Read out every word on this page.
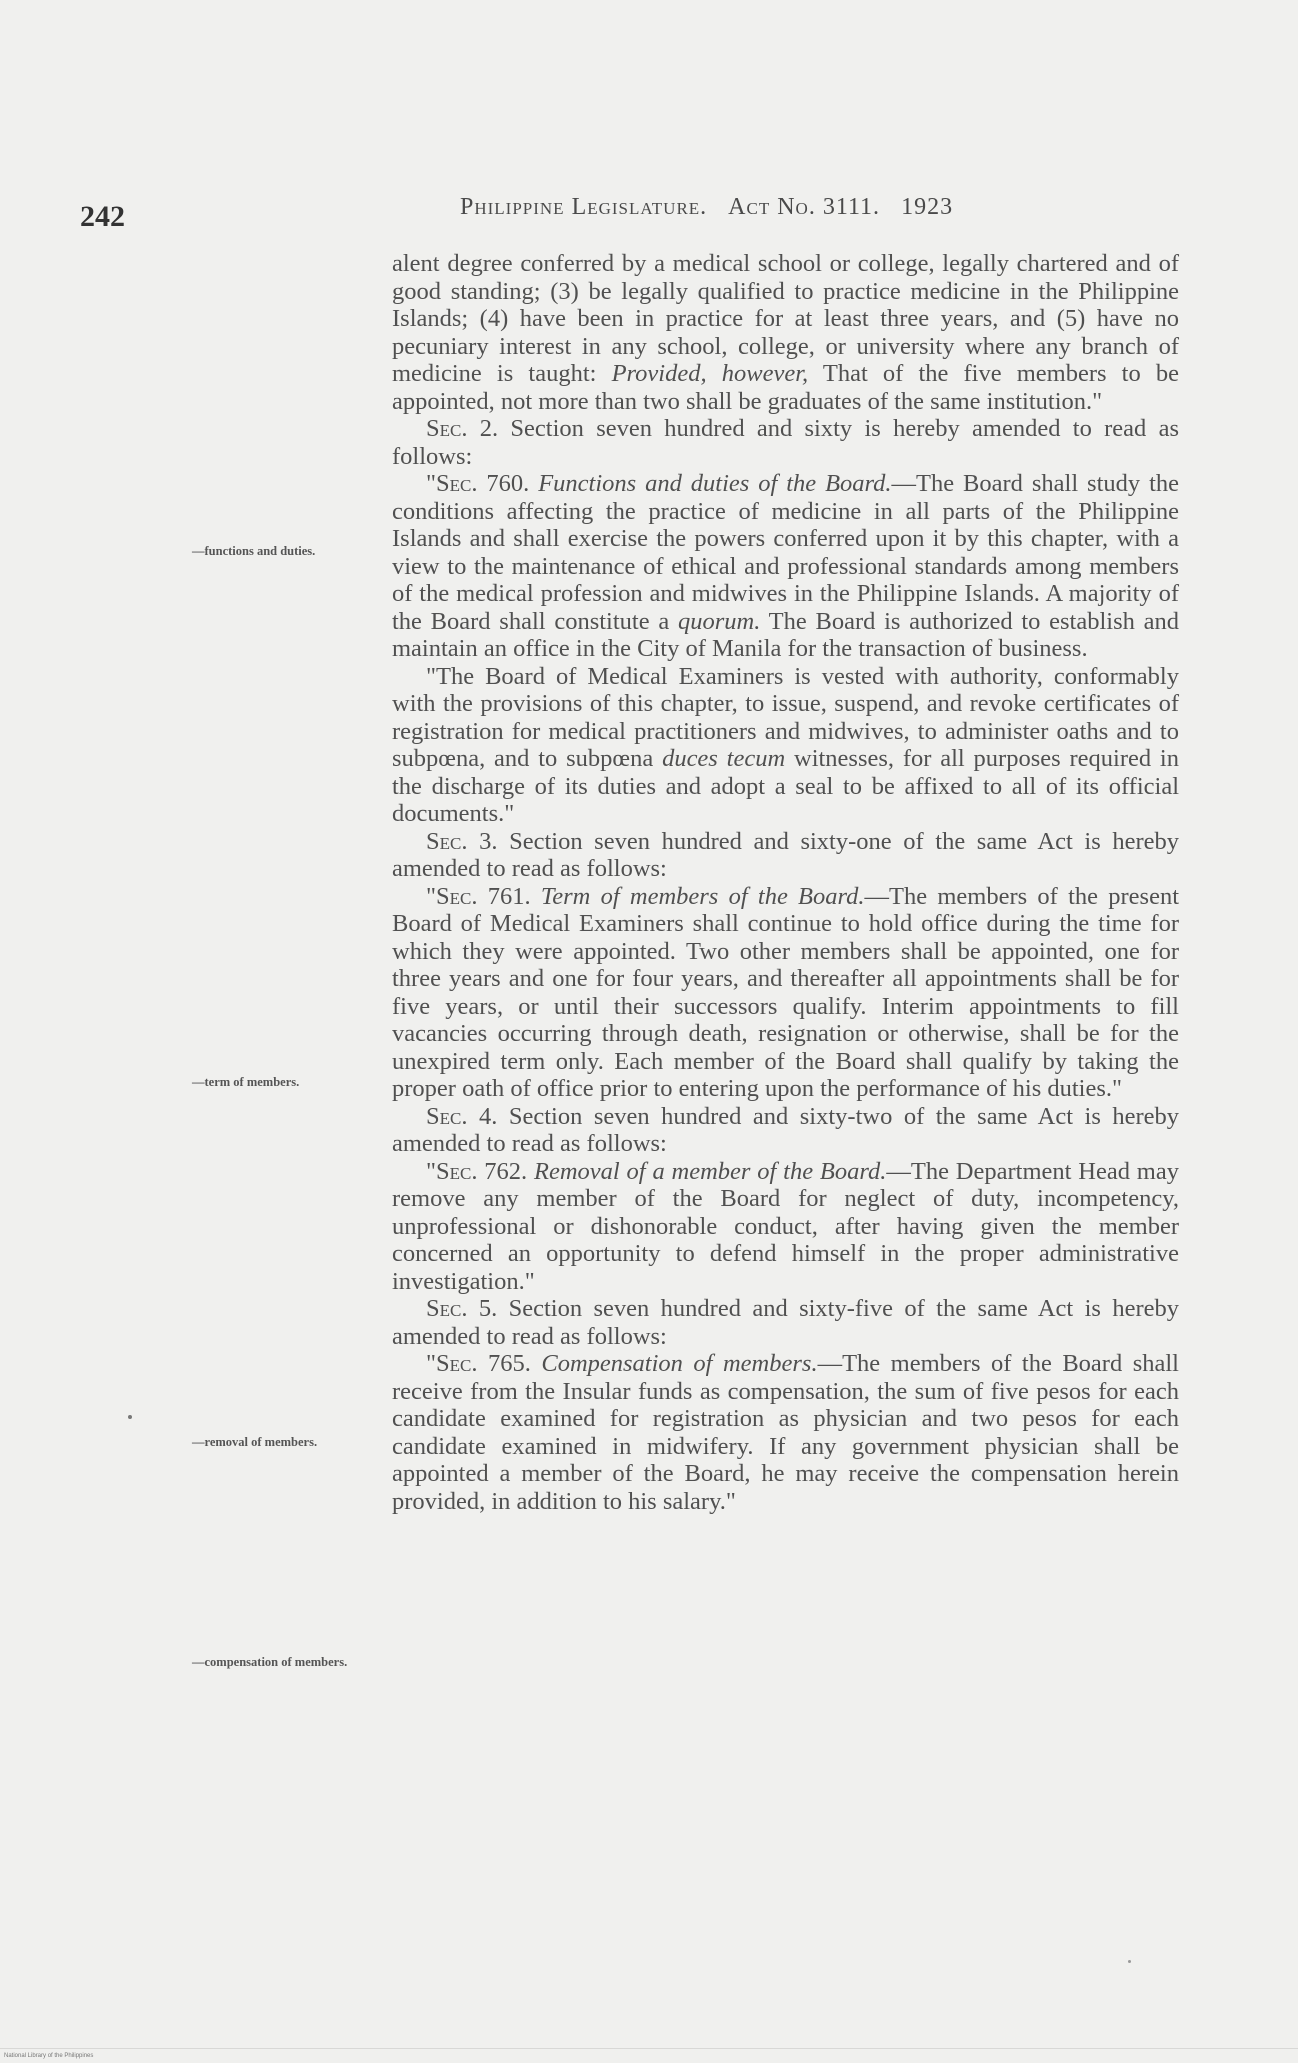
242	Philippine Legislature. Act No. 3111. 1923
—functions and duties.
—term of members.
—removal of members.
—compensation of members.

alent degree conferred by a medical school or college, legally chartered and of good standing; (3) be legally qualified to practice medicine in the Philippine Islands; (4) have been in practice for at least three years, and (5) have no pecuniary interest in any school, college, or university where any branch of medicine is taught: Provided, however, That of the five members to be appointed, not more than two shall be graduates of the same institution."

Sec. 2. Section seven hundred and sixty is hereby amended to read as follows:

"Sec. 760. Functions and duties of the Board.—The Board shall study the conditions affecting the practice of medicine in all parts of the Philippine Islands and shall exercise the powers conferred upon it by this chapter, with a view to the maintenance of ethical and professional standards among members of the medical profession and midwives in the Philippine Islands. A majority of the Board shall constitute a quorum. The Board is authorized to establish and maintain an office in the City of Manila for the transaction of business.

"The Board of Medical Examiners is vested with authority, conformably with the provisions of this chapter, to issue, suspend, and revoke certificates of registration for medical practitioners and midwives, to administer oaths and to subpœna, and to subpœna duces tecum witnesses, for all purposes required in the discharge of its duties and adopt a seal to be affixed to all of its official documents."

Sec. 3. Section seven hundred and sixty-one of the same Act is hereby amended to read as follows:

"Sec. 761. Term of members of the Board.—The members of the present Board of Medical Examiners shall continue to hold office during the time for which they were appointed. Two other members shall be appointed, one for three years and one for four years, and thereafter all appointments shall be for five years, or until their successors qualify. Interim appointments to fill vacancies occurring through death, resignation or otherwise, shall be for the unexpired term only. Each member of the Board shall qualify by taking the proper oath of office prior to entering upon the performance of his duties."

Sec. 4. Section seven hundred and sixty-two of the same Act is hereby amended to read as follows:

"Sec. 762. Removal of a member of the Board.—The Department Head may remove any member of the Board for neglect of duty, incompetency, unprofessional or dishonorable conduct, after having given the member concerned an opportunity to defend himself in the proper administrative investigation."

Sec. 5. Section seven hundred and sixty-five of the same Act is hereby amended to read as follows:

"Sec. 765. Compensation of members.—The members of the Board shall receive from the Insular funds as compensation, the sum of five pesos for each candidate examined for registration as physician and two pesos for each candidate examined in midwifery. If any government physician shall be appointed a member of the Board, he may receive the compensation herein provided, in addition to his salary."

National Library of the Philippines
